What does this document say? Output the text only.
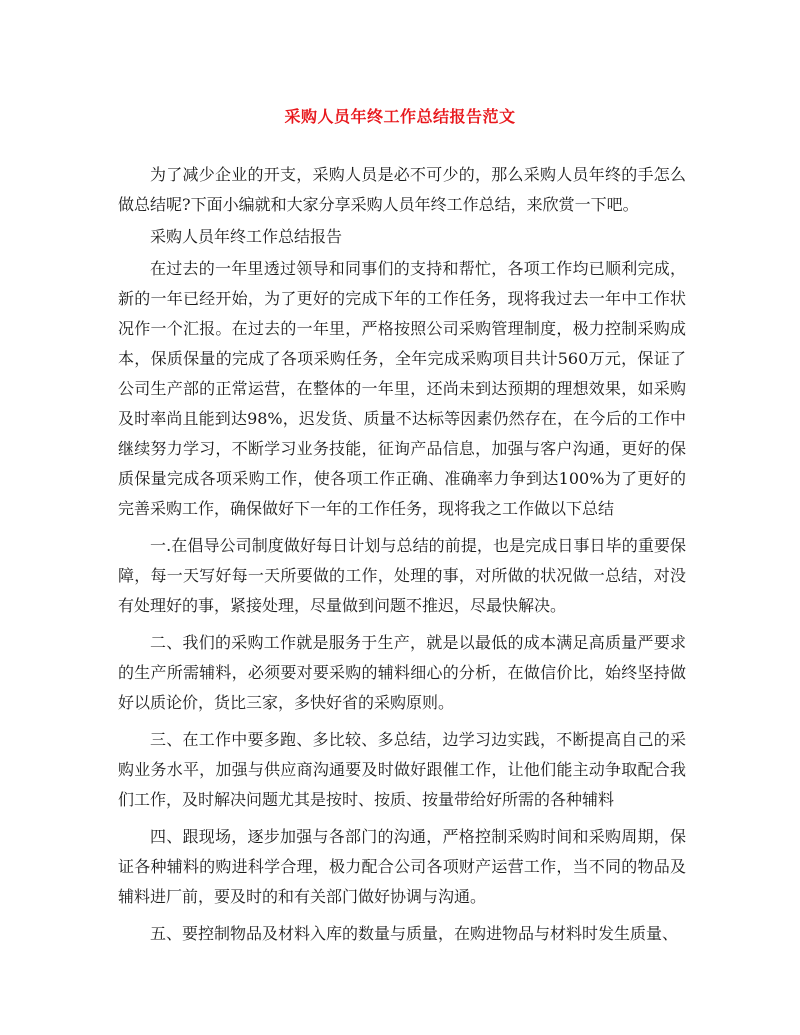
采购人员年终工作总结报告范文

为了减少企业的开支，采购人员是必不可少的，那么采购人员年终的手怎么做总结呢?下面小编就和大家分享采购人员年终工作总结，来欣赏一下吧。

采购人员年终工作总结报告

在过去的一年里透过领导和同事们的支持和帮忙，各项工作均已顺利完成，新的一年已经开始，为了更好的完成下年的工作任务，现将我过去一年中工作状况作一个汇报。在过去的一年里，严格按照公司采购管理制度，极力控制采购成本，保质保量的完成了各项采购任务，全年完成采购项目共计560万元，保证了公司生产部的正常运营，在整体的一年里，还尚未到达预期的理想效果，如采购及时率尚且能到达98%，迟发货、质量不达标等因素仍然存在，在今后的工作中继续努力学习，不断学习业务技能，征询产品信息，加强与客户沟通，更好的保质保量完成各项采购工作，使各项工作正确、准确率力争到达100%为了更好的完善采购工作，确保做好下一年的工作任务，现将我之工作做以下总结

一.在倡导公司制度做好每日计划与总结的前提，也是完成日事日毕的重要保障，每一天写好每一天所要做的工作，处理的事，对所做的状况做一总结，对没有处理好的事，紧接处理，尽量做到问题不推迟，尽最快解决。

二、我们的采购工作就是服务于生产，就是以最低的成本满足高质量严要求的生产所需辅料，必须要对要采购的辅料细心的分析，在做信价比，始终坚持做好以质论价，货比三家，多快好省的采购原则。

三、在工作中要多跑、多比较、多总结，边学习边实践，不断提高自己的采购业务水平，加强与供应商沟通要及时做好跟催工作，让他们能主动争取配合我们工作，及时解决问题尤其是按时、按质、按量带给好所需的各种辅料

四、跟现场，逐步加强与各部门的沟通，严格控制采购时间和采购周期，保证各种辅料的购进科学合理，极力配合公司各项财产运营工作，当不同的物品及辅料进厂前，要及时的和有关部门做好协调与沟通。

五、要控制物品及材料入库的数量与质量，在购进物品与材料时发生质量、
